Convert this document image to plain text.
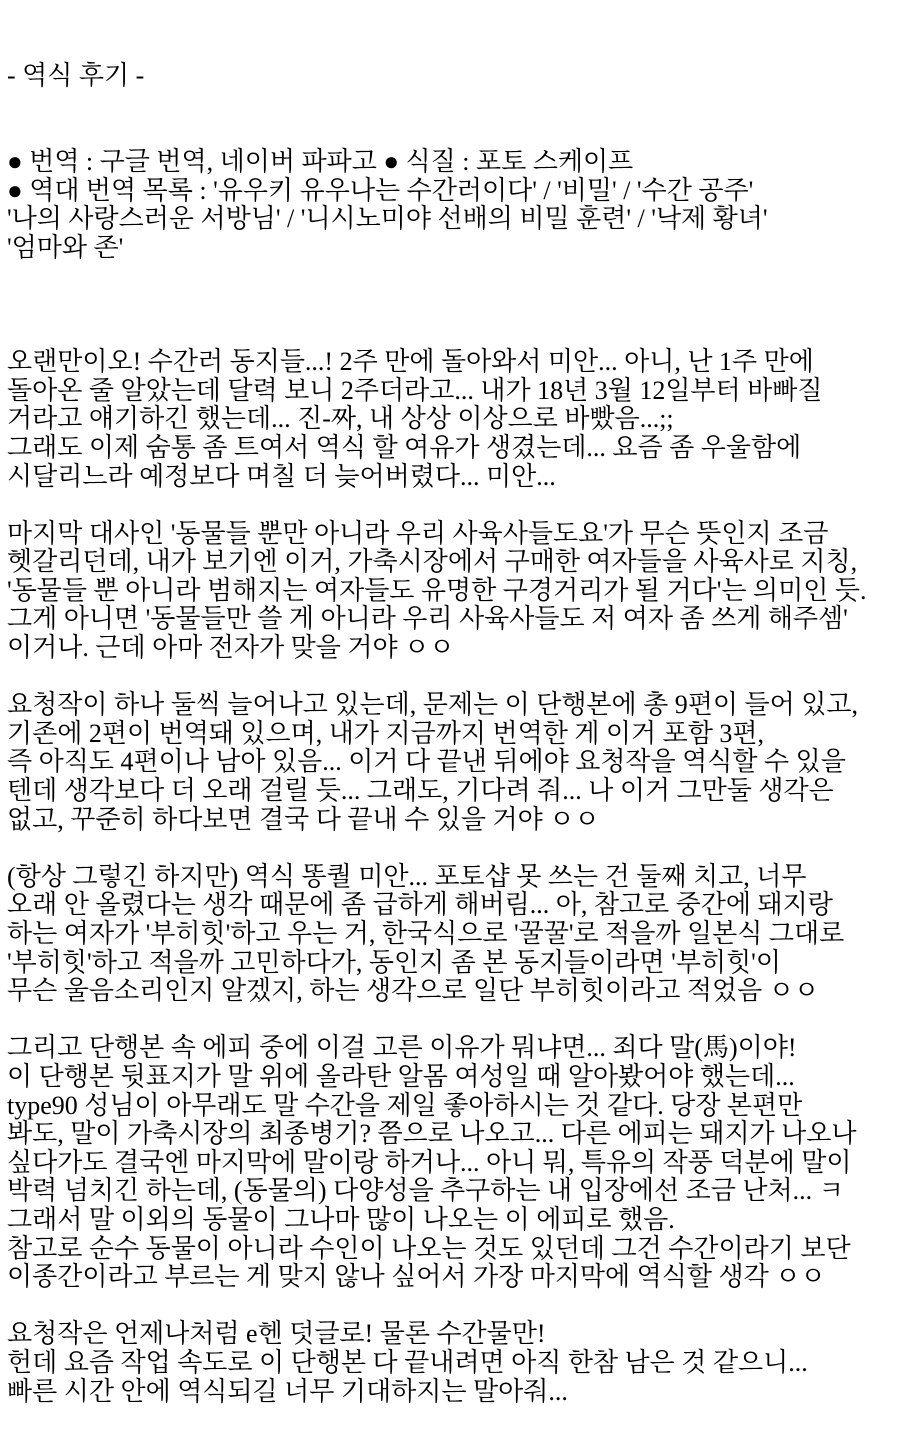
- 역식 후기 -

● 번역 : 구글 번역, 네이버 파파고 ● 식질 : 포토 스케이프
● 역대 번역 목록 : '유우키 유우나는 수간러이다' / '비밀' / '수간 공주'
'나의 사랑스러운 서방님' / '니시노미야 선배의 비밀 훈련' / '낙제 황녀'
'엄마와 존'

오랜만이오! 수간러 동지들...! 2주 만에 돌아와서 미안... 아니, 난 1주 만에
돌아온 줄 알았는데 달력 보니 2주더라고... 내가 18년 3월 12일부터 바빠질
거라고 얘기하긴 했는데... 진-짜, 내 상상 이상으로 바빴음...;;
그래도 이제 숨통 좀 트여서 역식 할 여유가 생겼는데... 요즘 좀 우울함에
시달리느라 예정보다 며칠 더 늦어버렸다... 미안...
마지막 대사인 '동물들 뿐만 아니라 우리 사육사들도요'가 무슨 뜻인지 조금
헷갈리던데, 내가 보기엔 이거, 가축시장에서 구매한 여자들을 사육사로 지칭,
'동물들 뿐 아니라 범해지는 여자들도 유명한 구경거리가 될 거다'는 의미인 듯.
그게 아니면 '동물들만 쓸 게 아니라 우리 사육사들도 저 여자 좀 쓰게 해주셈'
이거나. 근데 아마 전자가 맞을 거야 ㅇㅇ
요청작이 하나 둘씩 늘어나고 있는데, 문제는 이 단행본에 총 9편이 들어 있고,
기존에 2편이 번역돼 있으며, 내가 지금까지 번역한 게 이거 포함 3편,
즉 아직도 4편이나 남아 있음... 이거 다 끝낸 뒤에야 요청작을 역식할 수 있을
텐데 생각보다 더 오래 걸릴 듯... 그래도, 기다려 줘... 나 이거 그만둘 생각은
없고, 꾸준히 하다보면 결국 다 끝내 수 있을 거야 ㅇㅇ
(항상 그렇긴 하지만) 역식 똥퀄 미안... 포토샵 못 쓰는 건 둘째 치고, 너무
오래 안 올렸다는 생각 때문에 좀 급하게 해버림... 아, 참고로 중간에 돼지랑
하는 여자가 '부히힛'하고 우는 거, 한국식으로 '꿀꿀'로 적을까 일본식 그대로
'부히힛'하고 적을까 고민하다가, 동인지 좀 본 동지들이라면 '부히힛'이
무슨 울음소리인지 알겠지, 하는 생각으로 일단 부히힛이라고 적었음 ㅇㅇ
그리고 단행본 속 에피 중에 이걸 고른 이유가 뭐냐면... 죄다 말(馬)이야!
이 단행본 뒷표지가 말 위에 올라탄 알몸 여성일 때 알아봤어야 했는데...
type90 성님이 아무래도 말 수간을 제일 좋아하시는 것 같다. 당장 본편만
봐도, 말이 가축시장의 최종병기? 쯤으로 나오고... 다른 에피는 돼지가 나오나
싶다가도 결국엔 마지막에 말이랑 하거나... 아니 뭐, 특유의 작풍 덕분에 말이
박력 넘치긴 하는데, (동물의) 다양성을 추구하는 내 입장에선 조금 난처... ㅋ
그래서 말 이외의 동물이 그나마 많이 나오는 이 에피로 했음.
참고로 순수 동물이 아니라 수인이 나오는 것도 있던데 그건 수간이라기 보단
이종간이라고 부르는 게 맞지 않나 싶어서 가장 마지막에 역식할 생각 ㅇㅇ
요청작은 언제나처럼 e헨 덧글로! 물론 수간물만!
헌데 요즘 작업 속도로 이 단행본 다 끝내려면 아직 한참 남은 것 같으니...
빠른 시간 안에 역식되길 너무 기대하지는 말아줘...
